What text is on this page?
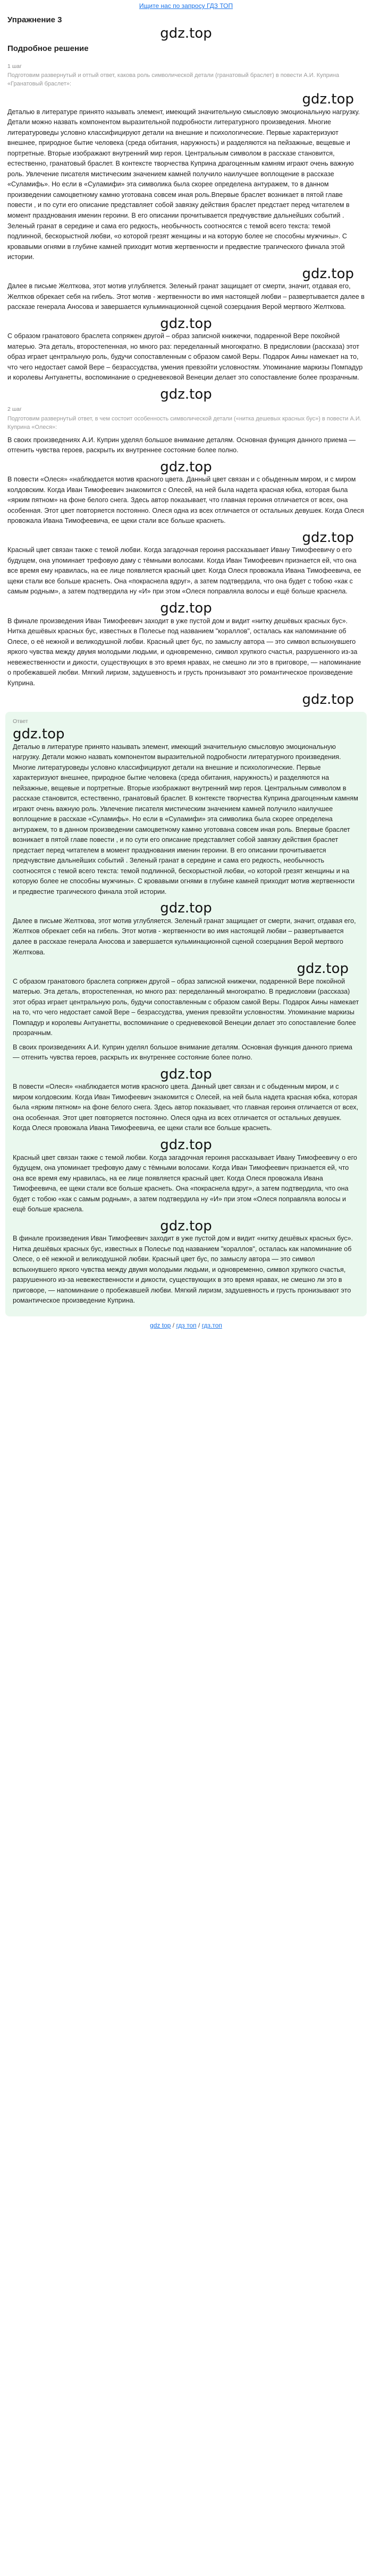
Ищите нас по запросу ГДЗ ТОП
Упражнение 3
gdz.top
Подробное решение
1 шаг
Подготовим развернутый и оттый ответ, какова роль символической детали (гранатовый браслет) в повести А.И. Куприна «Гранатовый браслет»:
gdz.top

Деталью в литературе принято называть элемент, имеющий значительную смысловую эмоциональную нагрузку. Детали можно назвать компонентом выразительной подробности литературного произведения. Многие литературоведы условно классифицируют детали на внешние и психологические. Первые характеризуют внешнее, природное бытие человека (среда обитания, наружность) и разделяются на пейзажные, вещевые и портретные. Вторые изображают внутренний мир героя. Центральным символом в рассказе становится, естественно, гранатовый браслет. В контексте творчества Куприна драгоценным камням играют очень важную роль. Увлечение писателя мистическим значением камней получило наилучшее воплощение в рассказе «Суламифь». Но если в «Суламифи» эта символика была скорее определена антуражем, то в данном произведении самоцветному камню уготована совсем иная роль.Впервые браслет возникает в пятой главе повести , и по сути его описание представляет собой завязку действия браслет предстает перед читателем в момент празднования именин героини. В его описании прочитывается предчувствие дальнейших событий . Зеленый гранат в середине и сама его редкость, необычность соотносятся с темой всего текста: темой подлинной, бескорыстной любви, «о которой грезят женщины и на которую более не способны мужчины». С кровавыми огнями в глубине камней приходит мотив жертвенности и предвестие трагического финала этой истории.

gdz.top

Далее в письме Желткова, этот мотив углубляется. Зеленый гранат защищает от смерти, значит, отдавая его, Желтков обрекает себя на гибель. Этот мотив - жертвенности во имя настоящей любви – развертывается далее в рассказе генерала Аносова и завершается кульминационной сценой созерцания Верой мертвого Желткова.

gdz.top

С образом гранатового браслета сопряжен другой – образ записной книжечки, подаренной Вере покойной матерью. Эта деталь, второстепенная, но много раз: переделанный многократно. В предисловии (рассказа) этот образ играет центральную роль, будучи сопоставленным с образом самой Веры. Подарок Аины намекает на то, что чего недостает самой Вере – безрассудства, умения превзойти условностям. Упоминание маркизы Помпадур и королевы Антуанетты, воспоминание о средневековой Венеции делает это сопоставление более прозрачным.

gdz.top
2 шаг
Подготовим развернутый ответ, в чем состоит особенность символической детали («нитка дешевых красных бус») в повести А.И. Куприна «Олеся»:

В своих произведениях А.И. Куприн уделял большое внимание деталям. Основная функция данного приема — отгенить чувства героев, раскрыть их внутреннее состояние более полно.

gdz.top

В повести «Олеся» «наблюдается мотив красного цвета. Данный цвет связан и с обыденным миром, и с миром колдовским. Когда Иван Тимофеевич знакомится с Олесей, на ней была надета красная юбка, которая была «ярким пятном» на фоне белого снега. Здесь автор показывает, что главная героиня отличается от всех, она особенная. Этот цвет повторяется постоянно. Олеся одна из всех отличается от остальных девушек. Когда Олеся провожала Ивана Тимофеевича, ее щеки стали все больше краснеть.

gdz.top

Красный цвет связан также с темой любви. Когда загадочная героиня рассказывает Ивану Тимофеевичу о его будущем, она упоминает трефовую даму с тёмными волосами. Когда Иван Тимофеевич признается ей, что она все время ему нравилась, на ее лице появляется красный цвет. Когда Олеся провожала Ивана Тимофеевича, ее щеки стали все больше краснеть. Она «покраснела вдруг», а затем подтвердила, что она будет с тобою «как с самым родным», а затем подтвердила ну «И» при этом «Олеся поправляла волосы и ещё больше краснела.

gdz.top

В финале произведения Иван Тимофеевич заходит в уже пустой дом и видит «нитку дешёвых красных бус». Нитка дешёвых красных бус, известных в Полесье под названием "кораллов", осталась как напоминание об Олесе, о её нежной и великодушной любви. Красный цвет бус, по замыслу автора — это символ вспыхнувшего яркого чувства между двумя молодыми людьми, и одновременно, символ хрупкого счастья, разрушенного из-за невежественности и дикости, существующих в это время нравах, не смешно ли это в приговоре, — напоминание о пробежавшей любви. Мягкий лиризм, задушевность и грусть пронизывают это романтическое произведение Куприна.

gdz.top
Ответ
gdz.top

Деталью в литературе принято называть элемент, имеющий значительную смысловую эмоциональную нагрузку. Детали можно назвать компонентом выразительной подробности литературного произведения. Многие литературоведы условно классифицируют детали на внешние и психологические. Первые характеризуют внешнее, природное бытие человека (среда обитания, наружность) и разделяются на пейзажные, вещевые и портретные. Вторые изображают внутренний мир героя. Центральным символом в рассказе становится, естественно, гранатовый браслет. В контексте творчества Куприна драгоценным камням играют очень важную роль. Увлечение писателя мистическим значением камней получило наилучшее воплощение в рассказе «Суламифь». Но если в «Суламифи» эта символика была скорее определена антуражем, то в данном произведении самоцветному камню уготована совсем иная роль. Впервые браслет возникает в пятой главе повести , и по сути его описание представляет собой завязку действия браслет предстает перед читателем в момент празднования именин героини. В его описании прочитывается предчувствие дальнейших событий . Зеленый гранат в середине и сама его редкость, необычность соотносятся с темой всего текста: темой подлинной, бескорыстной любви, «о которой грезят женщины и на которую более не способны мужчины». С кровавыми огнями в глубине камней приходит мотив жертвенности и предвестие трагического финала этой истории.

gdz.top

Далее в письме Желткова, этот мотив углубляется. Зеленый гранат защищает от смерти, значит, отдавая его, Желтков обрекает себя на гибель. Этот мотив - жертвенности во имя настоящей любви – развертывается далее в рассказе генерала Аносова и завершается кульминационной сценой созерцания Верой мертвого Желткова.

gdz.top

С образом гранатового браслета сопряжен другой – образ записной книжечки, подаренной Вере покойной матерью. Эта деталь, второстепенная, но много раз: переделанный многократно. В предисловии (рассказа) этот образ играет центральную роль, будучи сопоставленным с образом самой Веры. Подарок Аины намекает на то, что чего недостает самой Вере – безрассудства, умения превзойти условностям. Упоминание маркизы Помпадур и королевы Антуанетты, воспоминание о средневековой Венеции делает это сопоставление более прозрачным.

В своих произведениях А.И. Куприн уделял большое внимание деталям. Основная функция данного приема — отгенить чувства героев, раскрыть их внутреннее состояние более полно.

gdz.top

В повести «Олеся» «наблюдается мотив красного цвета. Данный цвет связан и с обыденным миром, и с миром колдовским. Когда Иван Тимофеевич знакомится с Олесей, на ней была надета красная юбка, которая была «ярким пятном» на фоне белого снега. Здесь автор показывает, что главная героиня отличается от всех, она особенная. Этот цвет повторяется постоянно. Олеся одна из всех отличается от остальных девушек. Когда Олеся провожала Ивана Тимофеевича, ее щеки стали все больше краснеть.

gdz.top

Красный цвет связан также с темой любви. Когда загадочная героиня рассказывает Ивану Тимофеевичу о его будущем, она упоминает трефовую даму с тёмными волосами. Когда Иван Тимофеевич признается ей, что она все время ему нравилась, на ее лице появляется красный цвет. Когда Олеся провожала Ивана Тимофеевича, ее щеки стали все больше краснеть. Она «покраснела вдруг», а затем подтвердила, что она будет с тобою «как с самым родным», а затем подтвердила ну «И» при этом «Олеся поправляла волосы и ещё больше краснела.

gdz.top

В финале произведения Иван Тимофеевич заходит в уже пустой дом и видит «нитку дешёвых красных бус». Нитка дешёвых красных бус, известных в Полесье под названием "кораллов", осталась как напоминание об Олесе, о её нежной и великодушной любви. Красный цвет бус, по замыслу автора — это символ вспыхнувшего яркого чувства между двумя молодыми людьми, и одновременно, символ хрупкого счастья, разрушенного из-за невежественности и дикости, существующих в это время нравах, не смешно ли это в приговоре, — напоминание о пробежавшей любви. Мягкий лиризм, задушевность и грусть пронизывают это романтическое произведение Куприна.

gdz top / гдз топ / гдз.топ
